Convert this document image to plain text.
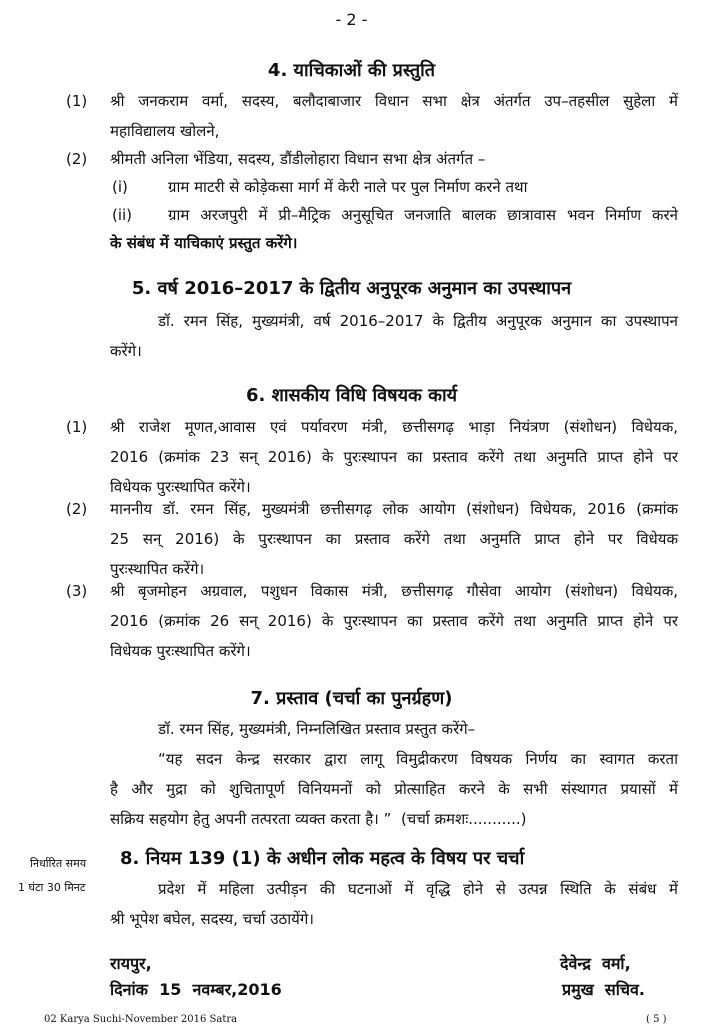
- 2 -
4. याचिकाओं की प्रस्तुति
(1) श्री जनकराम वर्मा, सदस्य, बलौदाबाजार विधान सभा क्षेत्र अंतर्गत उप–तहसील सुहेला में
महाविद्यालय खोलने,
(2) श्रीमती अनिला भेंडिया, सदस्य, डौंडीलोहारा विधान सभा क्षेत्र अंतर्गत –
(i)	ग्राम माटरी से कोड़ेकसा मार्ग में केरी नाले पर पुल निर्माण करने तथा
(ii) ग्राम अरजपुरी में प्री–मैट्रिक अनुसूचित जनजाति बालक छात्रावास भवन निर्माण करने
के संबंध में याचिकाएं प्रस्तुत करेंगे।
5. वर्ष 2016–2017 के द्वितीय अनुपूरक अनुमान का उपस्थापन
डॉ. रमन सिंह, मुख्यमंत्री, वर्ष 2016–2017 के द्वितीय अनुपूरक अनुमान का उपस्थापन
करेंगे।
6. शासकीय विधि विषयक कार्य
(1) श्री राजेश मूणत,आवास एवं पर्यावरण मंत्री, छत्तीसगढ़ भाड़ा नियंत्रण (संशोधन) विधेयक,
2016 (क्रमांक 23 सन् 2016) के पुरःस्थापन का प्रस्ताव करेंगे तथा अनुमति प्राप्त होने पर
विधेयक पुरःस्थापित करेंगे।
(2) माननीय डॉ. रमन सिंह, मुख्यमंत्री छत्तीसगढ़ लोक आयोग (संशोधन) विधेयक, 2016 (क्रमांक
25 सन् 2016) के पुरःस्थापन का प्रस्ताव करेंगे तथा अनुमति प्राप्त होने पर विधेयक
पुरःस्थापित करेंगे।
(3) श्री बृजमोहन अग्रवाल, पशुधन विकास मंत्री, छत्तीसगढ़ गौसेवा आयोग (संशोधन) विधेयक,
2016 (क्रमांक 26 सन् 2016) के पुरःस्थापन का प्रस्ताव करेंगे तथा अनुमति प्राप्त होने पर
विधेयक पुरःस्थापित करेंगे।
7. प्रस्ताव (चर्चा का पुनर्ग्रहण)
डॉ. रमन सिंह, मुख्यमंत्री, निम्नलिखित प्रस्ताव प्रस्तुत करेंगे–
“यह सदन केन्द्र सरकार द्वारा लागू विमुद्रीकरण विषयक निर्णय का स्वागत करता
है और मुद्रा को शुचितापूर्ण विनियमनों को प्रोत्साहित करने के सभी संस्थागत प्रयासों में
सक्रिय सहयोग हेतु अपनी तत्परता व्यक्त करता है। ” (चर्चा क्रमशः...........)
निर्धारित समय
1 घंटा 30 मिनट
8. नियम 139 (1) के अधीन लोक महत्व के विषय पर चर्चा
प्रदेश में महिला उत्पीड़न की घटनाओं में वृद्धि होने से उत्पन्न स्थिति के संबंध में
श्री भूपेश बघेल, सदस्य, चर्चा उठायेंगे।
रायपुर,
दिनांक  15  नवम्बर,2016
देवेन्द्र  वर्मा,
प्रमुख  सचिव.
02 Karya Suchi-November 2016 Satra	( 5 )
